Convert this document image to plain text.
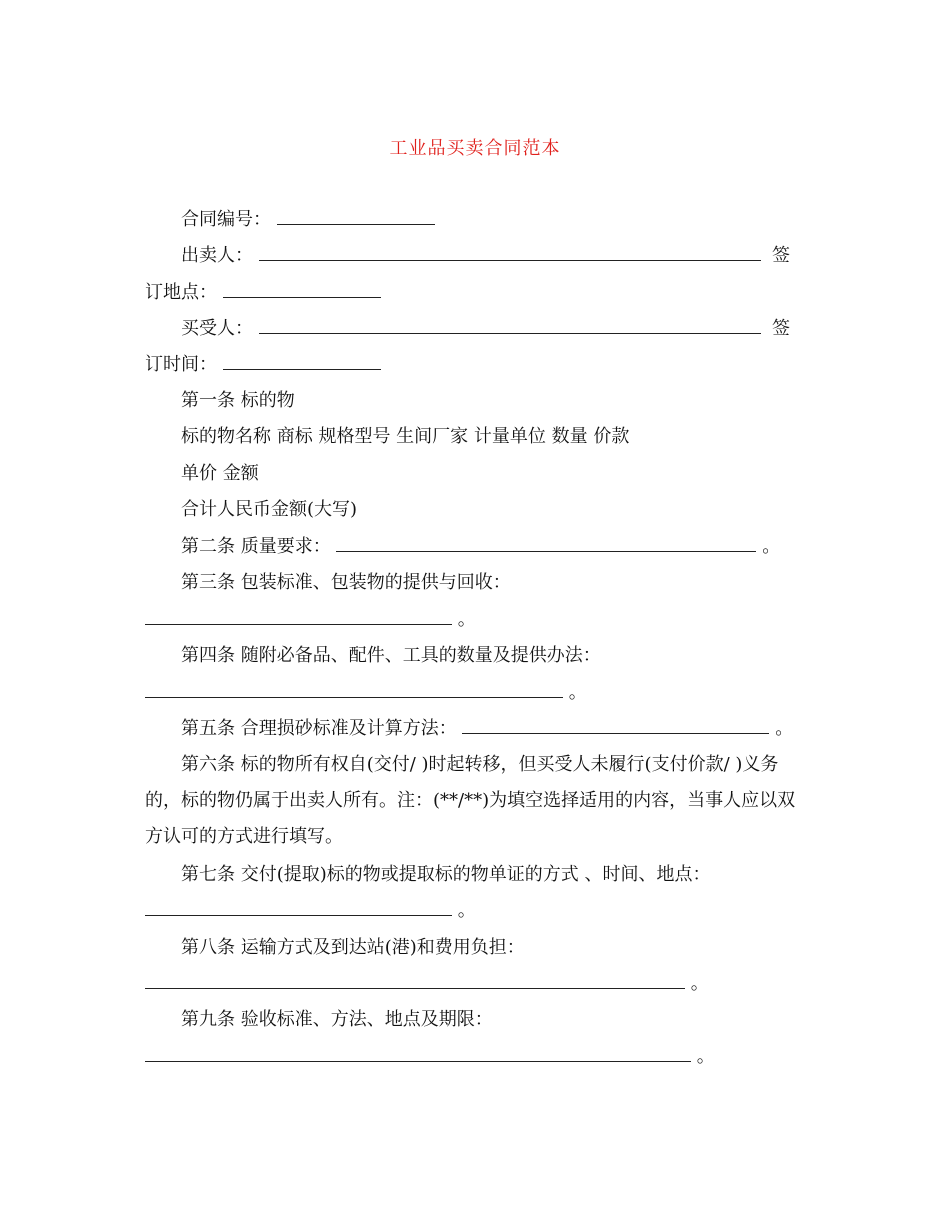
工业品买卖合同范本
合同编号：
出卖人：	签
订地点：
买受人：	签
订时间：
第一条 标的物
标的物名称 商标 规格型号 生间厂家 计量单位 数量 价款
单价 金额
合计人民币金额(大写)
第二条 质量要求：	。
第三条 包装标准、包装物的提供与回收：
。
第四条 随附必备品、配件、工具的数量及提供办法：
。
第五条 合理损砂标准及计算方法：	。
第六条 标的物所有权自(交付/ )时起转移，但买受人未履行(支付价款/ )义务的，标的物仍属于出卖人所有。注：(**/**)为填空选择适用的内容，当事人应以双方认可的方式进行填写。
第七条 交付(提取)标的物或提取标的物单证的方式 、时间、地点：
。
第八条 运输方式及到达站(港)和费用负担：
。
第九条 验收标准、方法、地点及期限：
。
